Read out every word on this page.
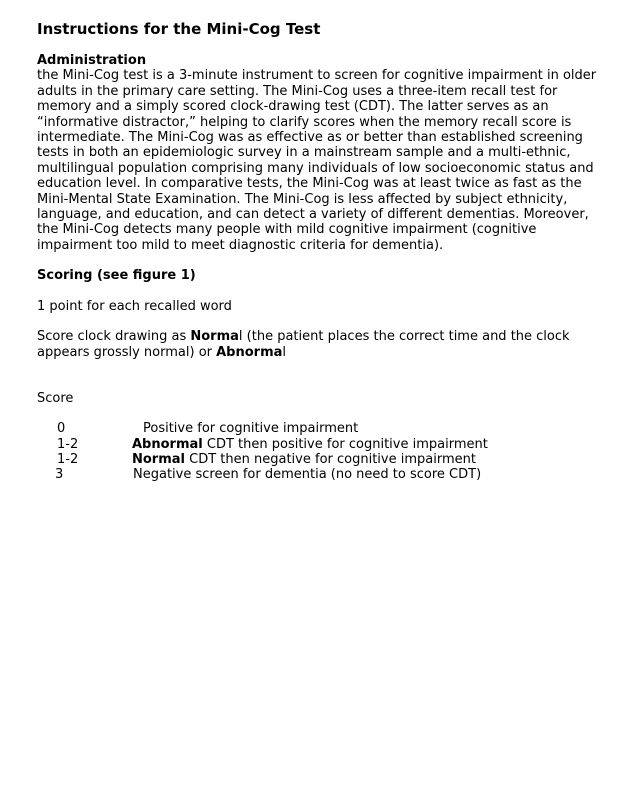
Instructions for the Mini-Cog Test
Administration

the Mini-Cog test is a 3-minute instrument to screen for cognitive impairment in older adults in the primary care setting. The Mini-Cog uses a three-item recall test for memory and a simply scored clock-drawing test (CDT). The latter serves as an “informative distractor,” helping to clarify scores when the memory recall score is intermediate. The Mini-Cog was as effective as or better than established screening tests in both an epidemiologic survey in a mainstream sample and a multi-ethnic, multilingual population comprising many individuals of low socioeconomic status and education level. In comparative tests, the Mini-Cog was at least twice as fast as the Mini-Mental State Examination. The Mini-Cog is less affected by subject ethnicity, language, and education, and can detect a variety of different dementias. Moreover, the Mini-Cog detects many people with mild cognitive impairment (cognitive impairment too mild to meet diagnostic criteria for dementia).

Scoring (see figure 1)

1 point for each recalled word

Score clock drawing as Normal (the patient places the correct time and the clock appears grossly normal) or Abnormal

Score

0	Positive for cognitive impairment
1-2	Abnormal CDT then positive for cognitive impairment
1-2	Normal CDT then negative for cognitive impairment
3	Negative screen for dementia (no need to score CDT)
